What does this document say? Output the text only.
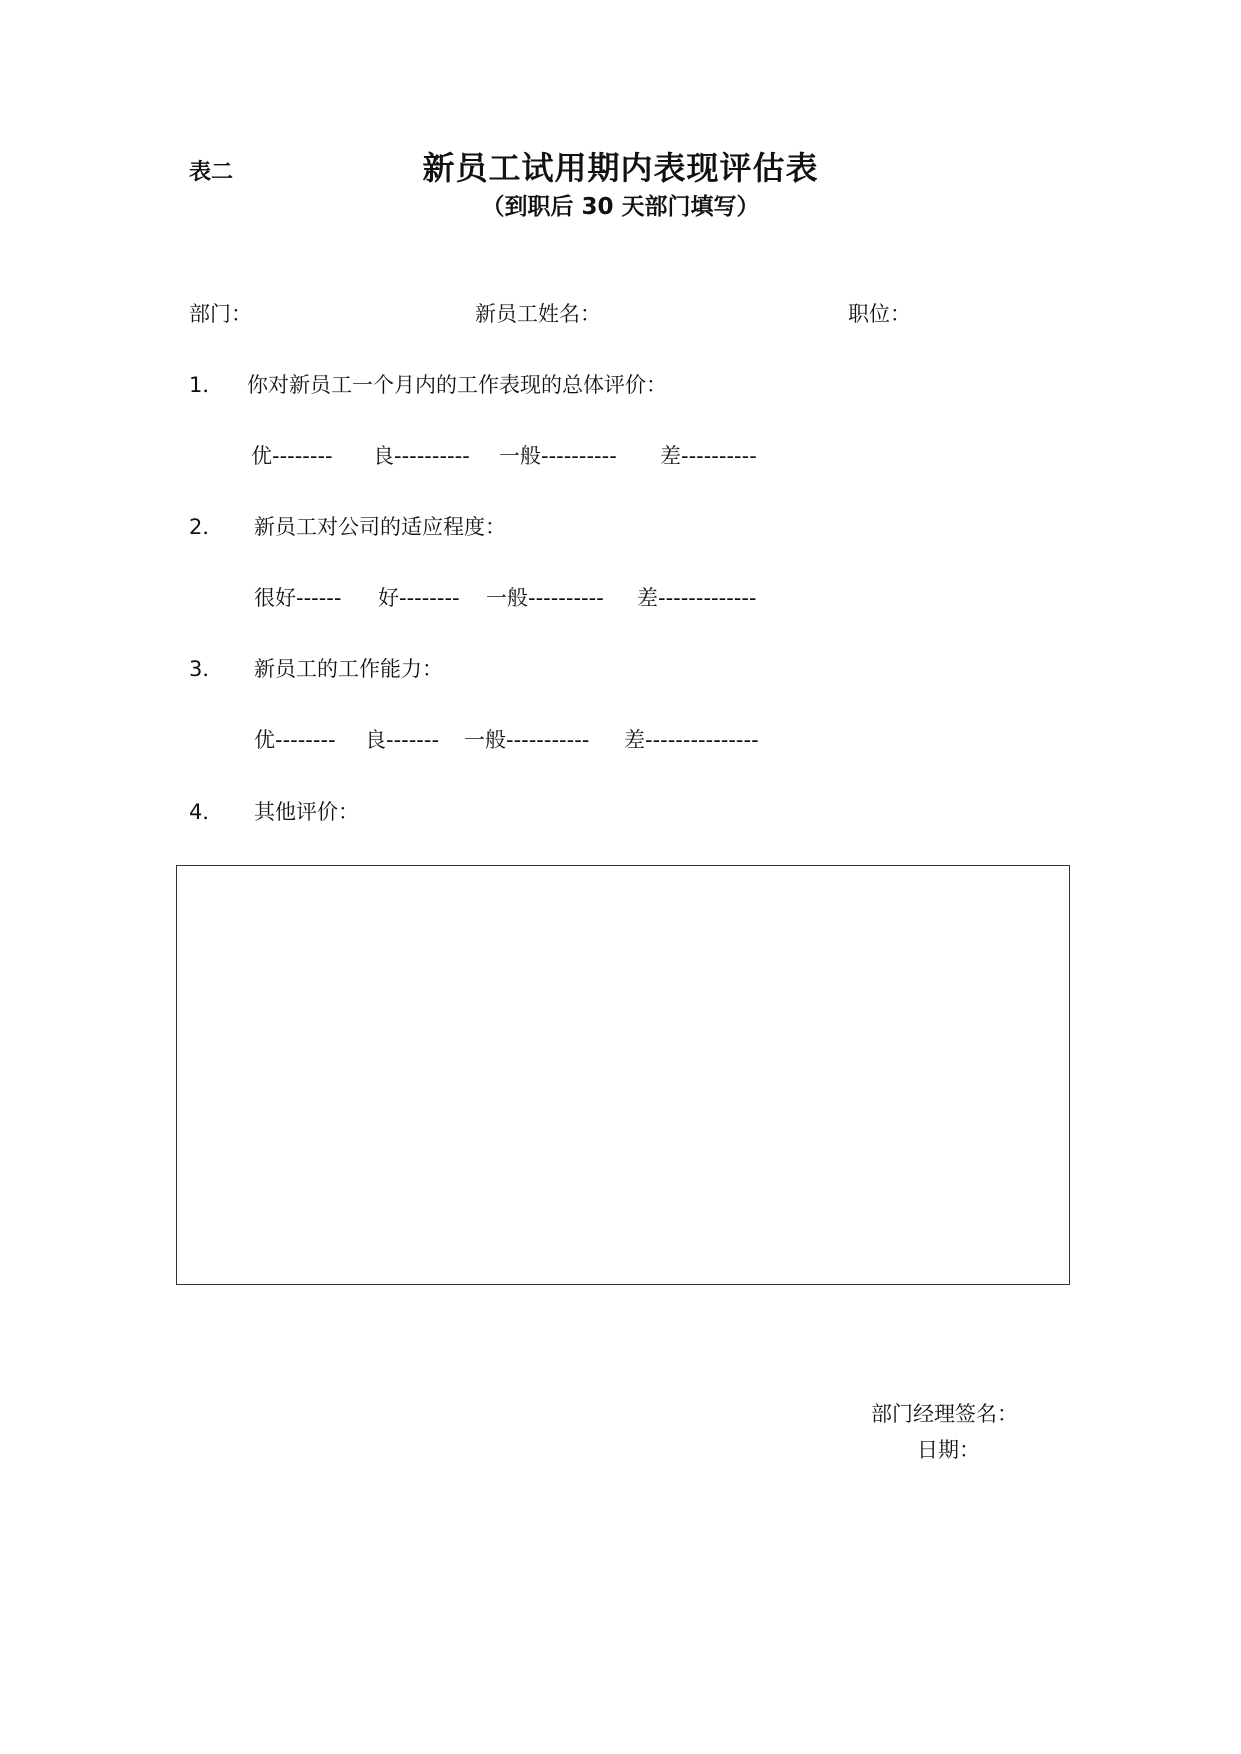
表二	新员工试用期内表现评估表
（到职后 30 天部门填写）
部门：	新员工姓名：	职位：
1． 你对新员工一个月内的工作表现的总体评价：
优-------- 良---------- 一般---------- 差----------
2． 新员工对公司的适应程度：
很好------ 好-------- 一般---------- 差-------------
3． 新员工的工作能力：
优-------- 良------- 一般----------- 差---------------
4． 其他评价：
部门经理签名：
日期：
